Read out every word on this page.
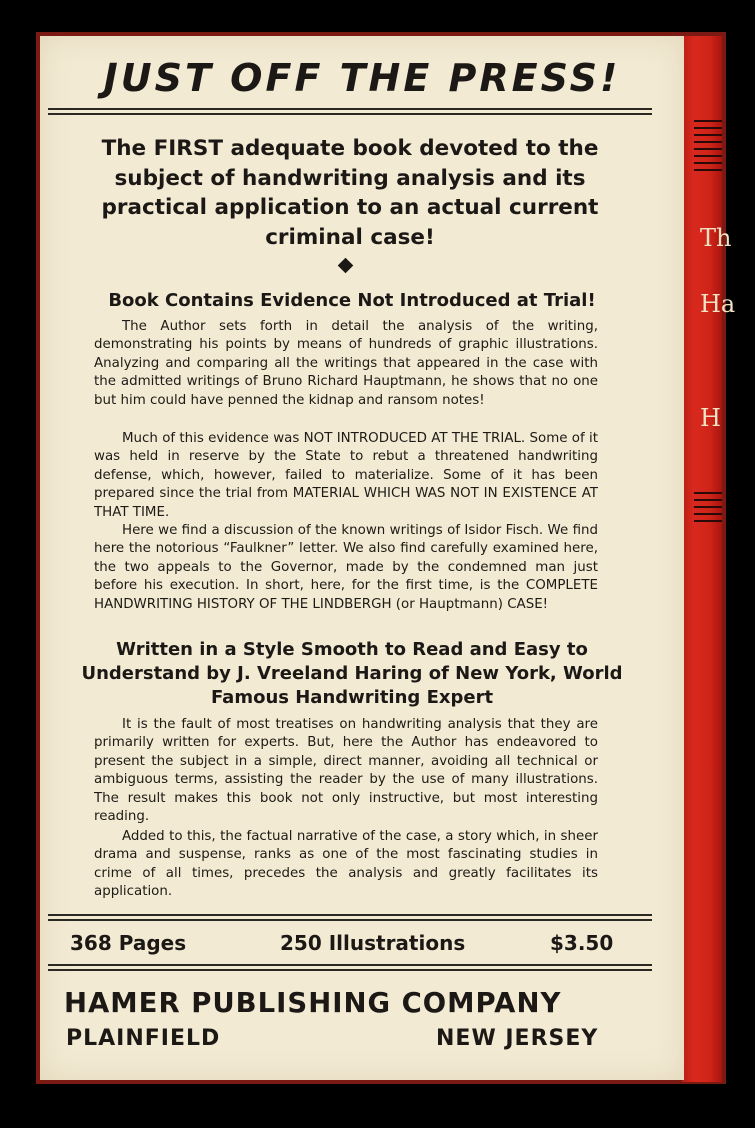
Th
Ha
H
JUST OFF THE PRESS!
The FIRST adequate book devoted to the subject of handwriting analysis and its practical application to an actual current criminal case!
Book Contains Evidence Not Introduced at Trial!
The Author sets forth in detail the analysis of the writing, demonstrating his points by means of hundreds of graphic illustrations. Analyzing and comparing all the writings that appeared in the case with the admitted writings of Bruno Richard Hauptmann, he shows that no one but him could have penned the kidnap and ransom notes!
Much of this evidence was NOT INTRODUCED AT THE TRIAL. Some of it was held in reserve by the State to rebut a threatened handwriting defense, which, however, failed to materialize. Some of it has been prepared since the trial from MATERIAL WHICH WAS NOT IN EXISTENCE AT THAT TIME.
Here we find a discussion of the known writings of Isidor Fisch. We find here the notorious “Faulkner” letter. We also find carefully examined here, the two appeals to the Governor, made by the condemned man just before his execution. In short, here, for the first time, is the COMPLETE HANDWRITING HISTORY OF THE LINDBERGH (or Hauptmann) CASE!
Written in a Style Smooth to Read and Easy to Understand by J. Vreeland Haring of New York, World Famous Handwriting Expert
It is the fault of most treatises on handwriting analysis that they are primarily written for experts. But, here the Author has endeavored to present the subject in a simple, direct manner, avoiding all technical or ambiguous terms, assisting the reader by the use of many illustrations. The result makes this book not only instructive, but most interesting reading.
Added to this, the factual narrative of the case, a story which, in sheer drama and suspense, ranks as one of the most fascinating studies in crime of all times, precedes the analysis and greatly facilitates its application.
368 Pages	250 Illustrations	$3.50
HAMER PUBLISHING COMPANY
PLAINFIELD	NEW JERSEY
